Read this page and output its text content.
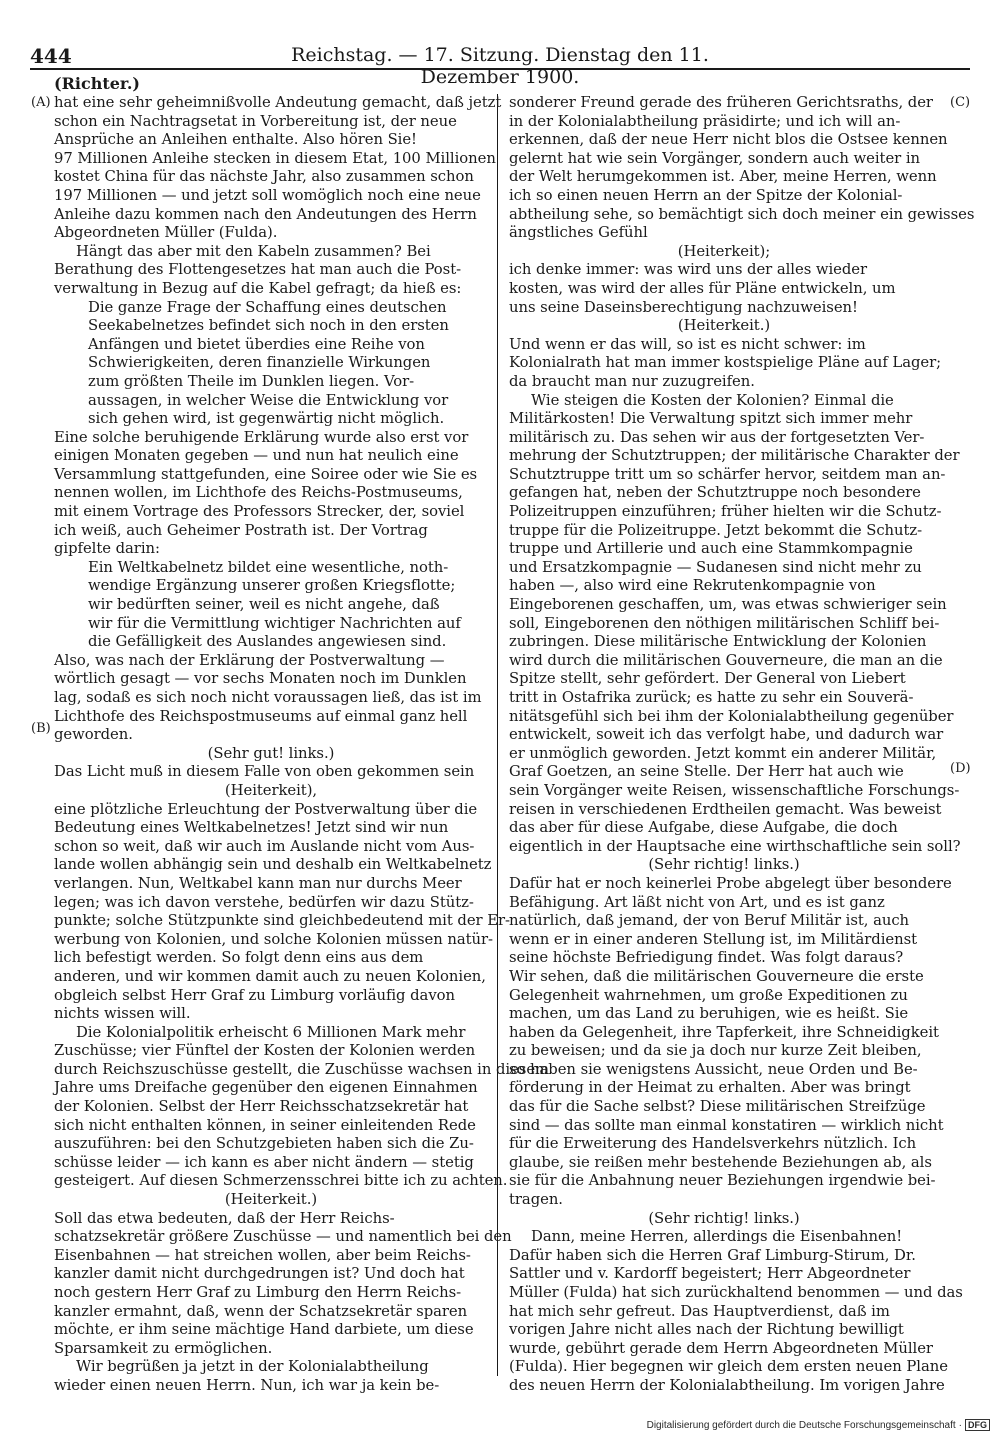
444	Reichstag. — 17. Sitzung. Dienstag den 11. Dezember 1900.
(Richter.)
(A)
(B)
(C)
(D)
hat eine sehr geheimnißvolle Andeutung gemacht, daß jetzt
schon ein Nachtragsetat in Vorbereitung ist, der neue
Ansprüche an Anleihen enthalte. Also hören Sie!
97 Millionen Anleihe stecken in diesem Etat, 100 Millionen
kostet China für das nächste Jahr, also zusammen schon
197 Millionen — und jetzt soll womöglich noch eine neue
Anleihe dazu kommen nach den Andeutungen des Herrn
Abgeordneten Müller (Fulda).
Hängt das aber mit den Kabeln zusammen? Bei
Berathung des Flottengesetzes hat man auch die Post-
verwaltung in Bezug auf die Kabel gefragt; da hieß es:
Die ganze Frage der Schaffung eines deutschen
Seekabelnetzes befindet sich noch in den ersten
Anfängen und bietet überdies eine Reihe von
Schwierigkeiten, deren finanzielle Wirkungen
zum größten Theile im Dunklen liegen. Vor-
aussagen, in welcher Weise die Entwicklung vor
sich gehen wird, ist gegenwärtig nicht möglich.
Eine solche beruhigende Erklärung wurde also erst vor
einigen Monaten gegeben — und nun hat neulich eine
Versammlung stattgefunden, eine Soiree oder wie Sie es
nennen wollen, im Lichthofe des Reichs-Postmuseums,
mit einem Vortrage des Professors Strecker, der, soviel
ich weiß, auch Geheimer Postrath ist. Der Vortrag
gipfelte darin:
Ein Weltkabelnetz bildet eine wesentliche, noth-
wendige Ergänzung unserer großen Kriegsflotte;
wir bedürften seiner, weil es nicht angehe, daß
wir für die Vermittlung wichtiger Nachrichten auf
die Gefälligkeit des Auslandes angewiesen sind.
Also, was nach der Erklärung der Postverwaltung —
wörtlich gesagt — vor sechs Monaten noch im Dunklen
lag, sodaß es sich noch nicht voraussagen ließ, das ist im
Lichthofe des Reichspostmuseums auf einmal ganz hell
geworden.
(Sehr gut! links.)
Das Licht muß in diesem Falle von oben gekommen sein
(Heiterkeit),
eine plötzliche Erleuchtung der Postverwaltung über die
Bedeutung eines Weltkabelnetzes! Jetzt sind wir nun
schon so weit, daß wir auch im Auslande nicht vom Aus-
lande wollen abhängig sein und deshalb ein Weltkabelnetz
verlangen. Nun, Weltkabel kann man nur durchs Meer
legen; was ich davon verstehe, bedürfen wir dazu Stütz-
punkte; solche Stützpunkte sind gleichbedeutend mit der Er-
werbung von Kolonien, und solche Kolonien müssen natür-
lich befestigt werden. So folgt denn eins aus dem
anderen, und wir kommen damit auch zu neuen Kolonien,
obgleich selbst Herr Graf zu Limburg vorläufig davon
nichts wissen will.
Die Kolonialpolitik erheischt 6 Millionen Mark mehr
Zuschüsse; vier Fünftel der Kosten der Kolonien werden
durch Reichszuschüsse gestellt, die Zuschüsse wachsen in diesem
Jahre ums Dreifache gegenüber den eigenen Einnahmen
der Kolonien. Selbst der Herr Reichsschatzsekretär hat
sich nicht enthalten können, in seiner einleitenden Rede
auszuführen: bei den Schutzgebieten haben sich die Zu-
schüsse leider — ich kann es aber nicht ändern — stetig
gesteigert. Auf diesen Schmerzensschrei bitte ich zu achten.
(Heiterkeit.)
Soll das etwa bedeuten, daß der Herr Reichs-
schatzsekretär größere Zuschüsse — und namentlich bei den
Eisenbahnen — hat streichen wollen, aber beim Reichs-
kanzler damit nicht durchgedrungen ist? Und doch hat
noch gestern Herr Graf zu Limburg den Herrn Reichs-
kanzler ermahnt, daß, wenn der Schatzsekretär sparen
möchte, er ihm seine mächtige Hand darbiete, um diese
Sparsamkeit zu ermöglichen.
Wir begrüßen ja jetzt in der Kolonialabtheilung
wieder einen neuen Herrn. Nun, ich war ja kein be-
sonderer Freund gerade des früheren Gerichtsraths, der
in der Kolonialabtheilung präsidirte; und ich will an-
erkennen, daß der neue Herr nicht blos die Ostsee kennen
gelernt hat wie sein Vorgänger, sondern auch weiter in
der Welt herumgekommen ist. Aber, meine Herren, wenn
ich so einen neuen Herrn an der Spitze der Kolonial-
abtheilung sehe, so bemächtigt sich doch meiner ein gewisses
ängstliches Gefühl
(Heiterkeit);
ich denke immer: was wird uns der alles wieder
kosten, was wird der alles für Pläne entwickeln, um
uns seine Daseinsberechtigung nachzuweisen!
(Heiterkeit.)
Und wenn er das will, so ist es nicht schwer: im
Kolonialrath hat man immer kostspielige Pläne auf Lager;
da braucht man nur zuzugreifen.
Wie steigen die Kosten der Kolonien? Einmal die
Militärkosten! Die Verwaltung spitzt sich immer mehr
militärisch zu. Das sehen wir aus der fortgesetzten Ver-
mehrung der Schutztruppen; der militärische Charakter der
Schutztruppe tritt um so schärfer hervor, seitdem man an-
gefangen hat, neben der Schutztruppe noch besondere
Polizeitruppen einzuführen; früher hielten wir die Schutz-
truppe für die Polizeitruppe. Jetzt bekommt die Schutz-
truppe und Artillerie und auch eine Stammkompagnie
und Ersatzkompagnie — Sudanesen sind nicht mehr zu
haben —, also wird eine Rekrutenkompagnie von
Eingeborenen geschaffen, um, was etwas schwieriger sein
soll, Eingeborenen den nöthigen militärischen Schliff bei-
zubringen. Diese militärische Entwicklung der Kolonien
wird durch die militärischen Gouverneure, die man an die
Spitze stellt, sehr gefördert. Der General von Liebert
tritt in Ostafrika zurück; es hatte zu sehr ein Souverä-
nitätsgefühl sich bei ihm der Kolonialabtheilung gegenüber
entwickelt, soweit ich das verfolgt habe, und dadurch war
er unmöglich geworden. Jetzt kommt ein anderer Militär,
Graf Goetzen, an seine Stelle. Der Herr hat auch wie
sein Vorgänger weite Reisen, wissenschaftliche Forschungs-
reisen in verschiedenen Erdtheilen gemacht. Was beweist
das aber für diese Aufgabe, diese Aufgabe, die doch
eigentlich in der Hauptsache eine wirthschaftliche sein soll?
(Sehr richtig! links.)
Dafür hat er noch keinerlei Probe abgelegt über besondere
Befähigung. Art läßt nicht von Art, und es ist ganz
natürlich, daß jemand, der von Beruf Militär ist, auch
wenn er in einer anderen Stellung ist, im Militärdienst
seine höchste Befriedigung findet. Was folgt daraus?
Wir sehen, daß die militärischen Gouverneure die erste
Gelegenheit wahrnehmen, um große Expeditionen zu
machen, um das Land zu beruhigen, wie es heißt. Sie
haben da Gelegenheit, ihre Tapferkeit, ihre Schneidigkeit
zu beweisen; und da sie ja doch nur kurze Zeit bleiben,
so haben sie wenigstens Aussicht, neue Orden und Be-
förderung in der Heimat zu erhalten. Aber was bringt
das für die Sache selbst? Diese militärischen Streifzüge
sind — das sollte man einmal konstatiren — wirklich nicht
für die Erweiterung des Handelsverkehrs nützlich. Ich
glaube, sie reißen mehr bestehende Beziehungen ab, als
sie für die Anbahnung neuer Beziehungen irgendwie bei-
tragen.
(Sehr richtig! links.)
Dann, meine Herren, allerdings die Eisenbahnen!
Dafür haben sich die Herren Graf Limburg-Stirum, Dr.
Sattler und v. Kardorff begeistert; Herr Abgeordneter
Müller (Fulda) hat sich zurückhaltend benommen — und das
hat mich sehr gefreut. Das Hauptverdienst, daß im
vorigen Jahre nicht alles nach der Richtung bewilligt
wurde, gebührt gerade dem Herrn Abgeordneten Müller
(Fulda). Hier begegnen wir gleich dem ersten neuen Plane
des neuen Herrn der Kolonialabtheilung. Im vorigen Jahre
Digitalisierung gefördert durch die Deutsche Forschungsgemeinschaft · DFG
